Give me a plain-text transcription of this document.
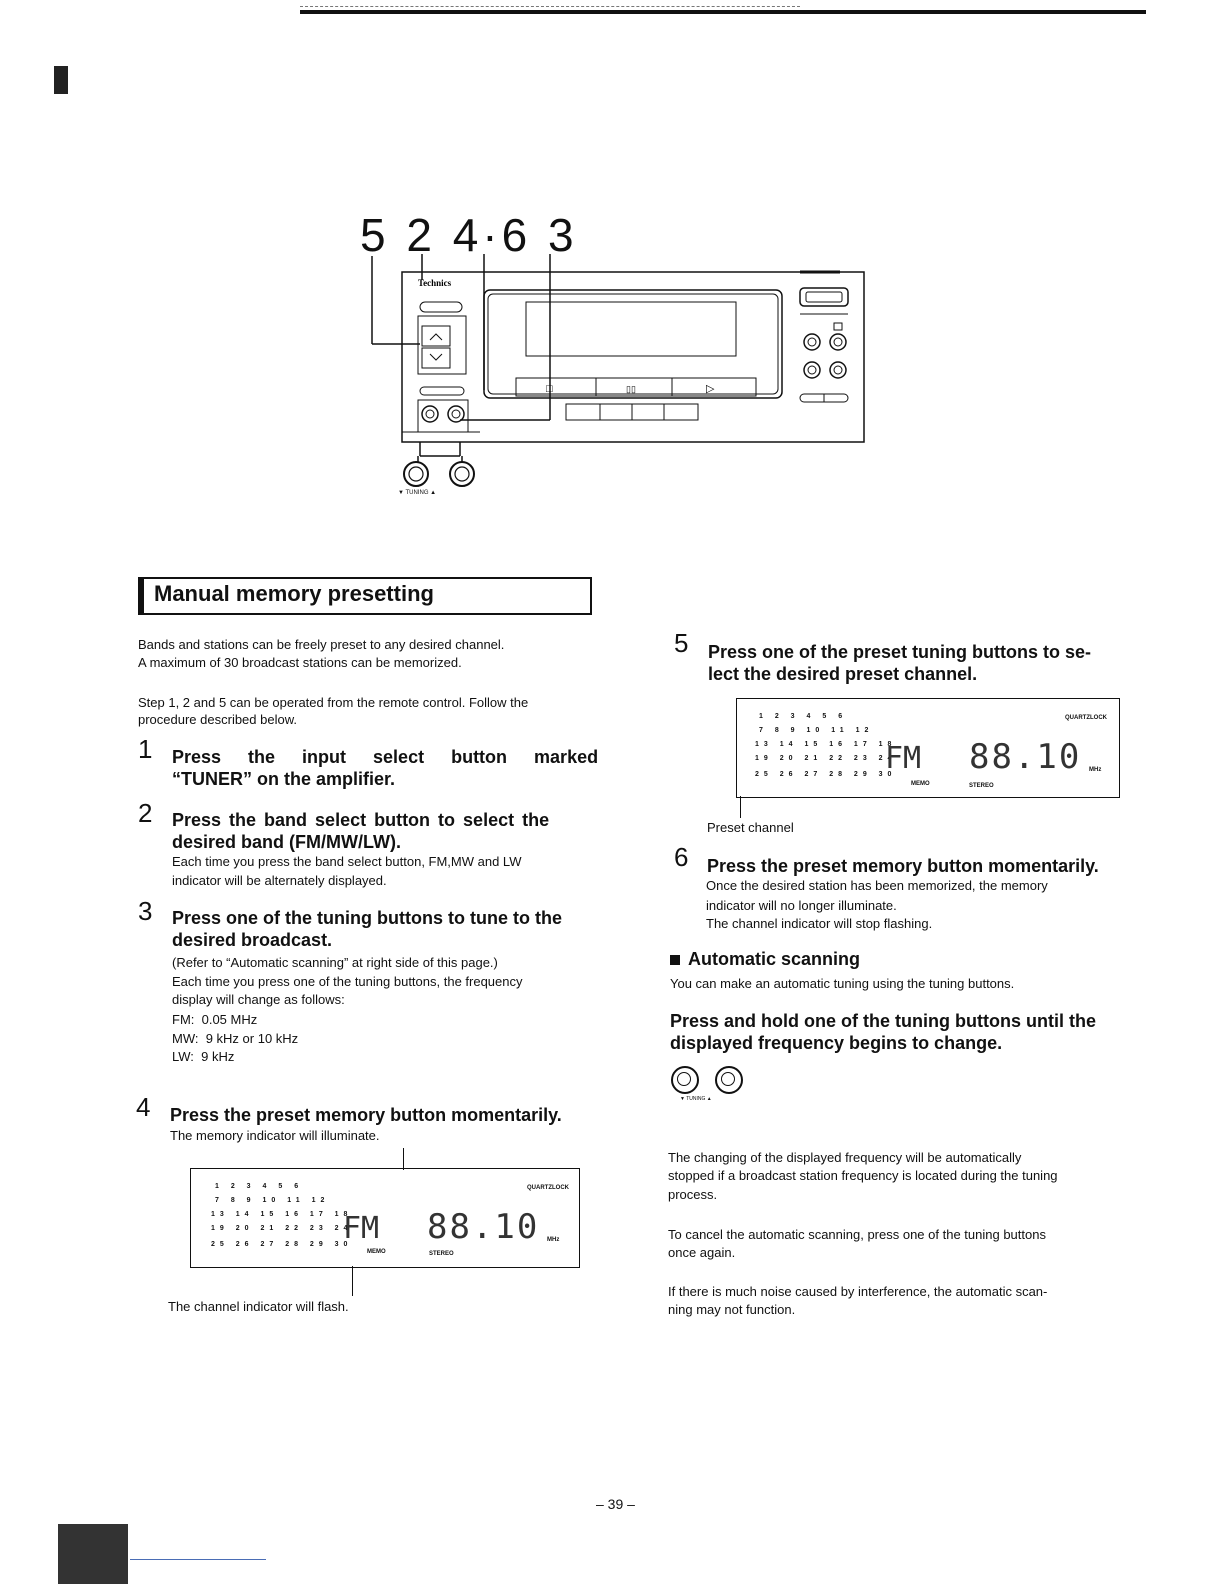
5 2 4·6 3
Technics
□	▯▯	▷
▼ TUNING ▲
Manual memory presetting
Bands and stations can be freely preset to any desired channel.
A maximum of 30 broadcast stations can be memorized.
Step 1, 2 and 5 can be operated from the remote control. Follow the
procedure described below.
1 Press   the   input   select   button   marked
“TUNER” on the amplifier.
2 Press the band select button to select the
desired band (FM/MW/LW).
Each time you press the band select button, FM,MW and LW
indicator will be alternately displayed.
3 Press one of the tuning buttons to tune to the
desired broadcast.
(Refer to “Automatic scanning” at right side of this page.)
Each time you press one of the tuning buttons, the frequency
display will change as follows:
FM:  0.05 MHz
MW:  9 kHz or 10 kHz
LW:  9 kHz
4 Press the preset memory button momentarily.
The memory indicator will illuminate.
1 2 3 4 5 6
7 8 9 10 11 12
13 14 15 16 17 18
19 20 21 22 23 24
25 26 27 28 29 30
QUARTZLOCK
FM 88.10 MHz
MEMO	STEREO
The channel indicator will flash.
5 Press one of the preset tuning buttons to se-
lect the desired preset channel.
1 2 3 4 5 6
7 8 9 10 11 12
13 14 15 16 17 18
19 20 21 22 23 24
25 26 27 28 29 30
QUARTZLOCK
FM 88.10 MHz
MEMO	STEREO
Preset channel
6 Press the preset memory button momentarily.
Once the desired station has been memorized, the memory
indicator will no longer illuminate.
The channel indicator will stop flashing.
Automatic scanning
You can make an automatic tuning using the tuning buttons.
Press and hold one of the tuning buttons until the
displayed frequency begins to change.
▼ TUNING ▲
The changing of the displayed frequency will be automatically
stopped if a broadcast station frequency is located during the tuning
process.
To cancel the automatic scanning, press one of the tuning buttons
once again.
If there is much noise caused by interference, the automatic scan-
ning may not function.
– 39 –
